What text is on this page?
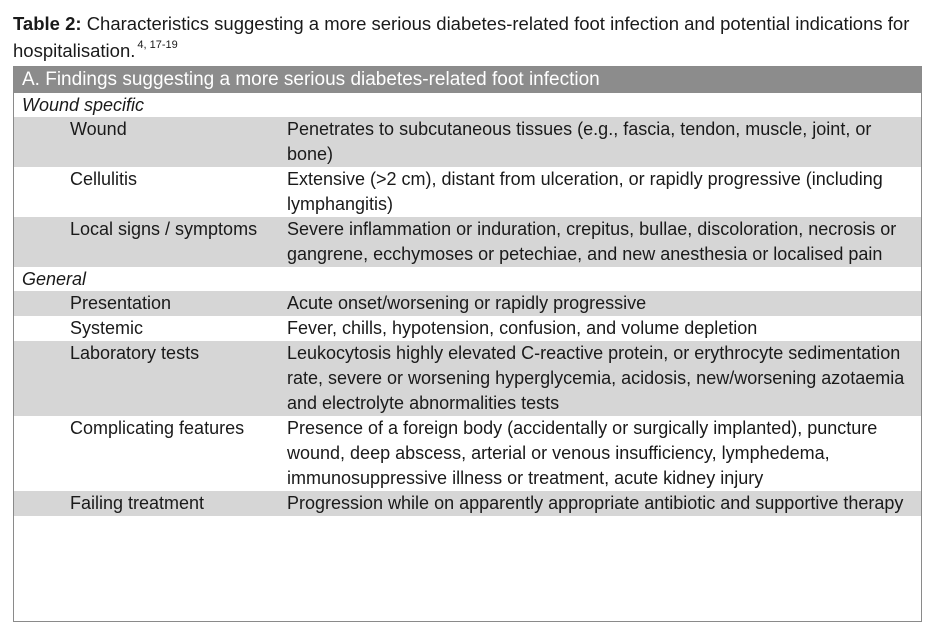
Table 2: Characteristics suggesting a more serious diabetes-related foot infection and potential indications for hospitalisation. $^{4, 17-19}$
A. Findings suggesting a more serious diabetes-related foot infection
Wound specific
Wound	Penetrates to subcutaneous tissues (e.g., fascia, tendon, muscle, joint, or bone)
Cellulitis	Extensive (>2 cm), distant from ulceration, or rapidly progressive (including lymphangitis)
Local signs / symptoms	Severe inflammation or induration, crepitus, bullae, discoloration, necrosis or gangrene, ecchymoses or petechiae, and new anesthesia or localised pain
General
Presentation	Acute onset/worsening or rapidly progressive
Systemic	Fever, chills, hypotension, confusion, and volume depletion
Laboratory tests	Leukocytosis highly elevated C-reactive protein, or erythrocyte sedimentation rate, severe or worsening hyperglycemia, acidosis, new/worsening azotaemia and electrolyte abnormalities tests
Complicating features	Presence of a foreign body (accidentally or surgically implanted), puncture wound, deep abscess, arterial or venous insufficiency, lymphedema, immunosuppressive illness or treatment, acute kidney injury
Failing treatment	Progression while on apparently appropriate antibiotic and supportive therapy
